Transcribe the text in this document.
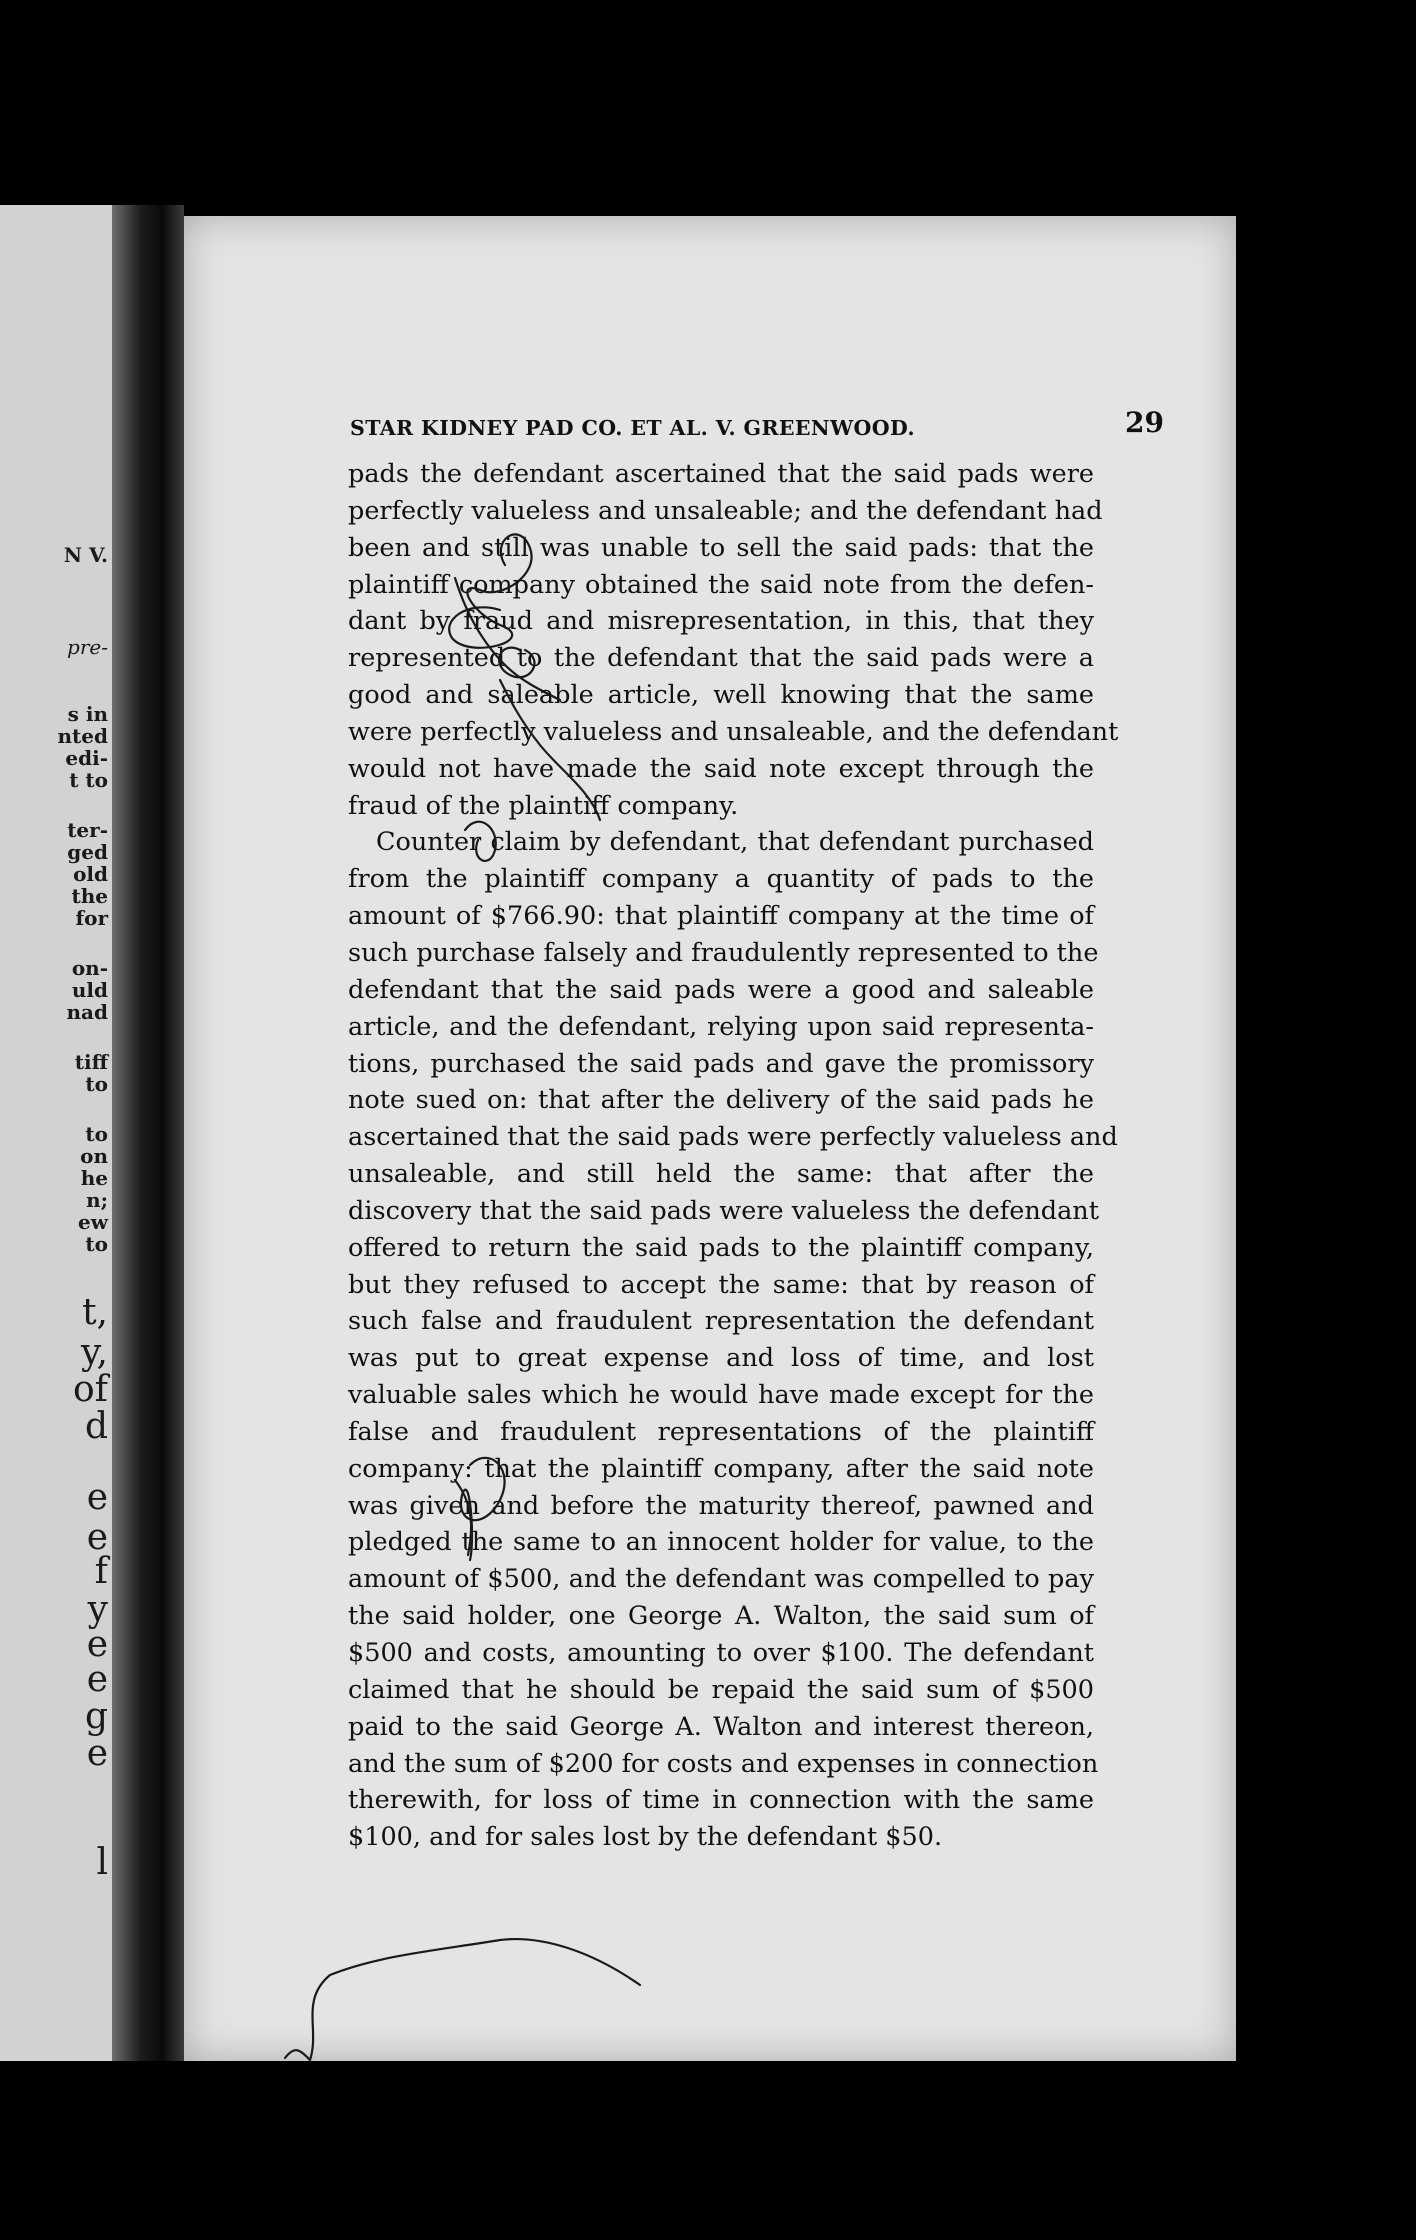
N V.
pre-
s in
nted
edi-
t to
ter-
ged
old
the
for
on-
uld
nad
tiff
to
to
on
he
n;
ew
to
t,
y,
of
d
e
e
f
y
e
e
g
e
l
STAR KIDNEY PAD CO. ET AL. V. GREENWOOD.	29
pads the defendant ascertained that the said pads were
perfectly valueless and unsaleable; and the defendant had
been and still was unable to sell the said pads: that the
plaintiff company obtained the said note from the defen-
dant by fraud and misrepresentation, in this, that they
represented to the defendant that the said pads were a
good and saleable article, well knowing that the same
were perfectly valueless and unsaleable, and the defendant
would not have made the said note except through the
fraud of the plaintiff company.
Counter claim by defendant, that defendant purchased
from the plaintiff company a quantity of pads to the
amount of $766.90: that plaintiff company at the time of
such purchase falsely and fraudulently represented to the
defendant that the said pads were a good and saleable
article, and the defendant, relying upon said representa-
tions, purchased the said pads and gave the promissory
note sued on: that after the delivery of the said pads he
ascertained that the said pads were perfectly valueless and
unsaleable, and still held the same: that after the
discovery that the said pads were valueless the defendant
offered to return the said pads to the plaintiff company,
but they refused to accept the same: that by reason of
such false and fraudulent representation the defendant
was put to great expense and loss of time, and lost
valuable sales which he would have made except for the
false and fraudulent representations of the plaintiff
company: that the plaintiff company, after the said note
was given and before the maturity thereof, pawned and
pledged the same to an innocent holder for value, to the
amount of $500, and the defendant was compelled to pay
the said holder, one George A. Walton, the said sum of
$500 and costs, amounting to over $100. The defendant
claimed that he should be repaid the said sum of $500
paid to the said George A. Walton and interest thereon,
and the sum of $200 for costs and expenses in connection
therewith, for loss of time in connection with the same
$100, and for sales lost by the defendant $50.
